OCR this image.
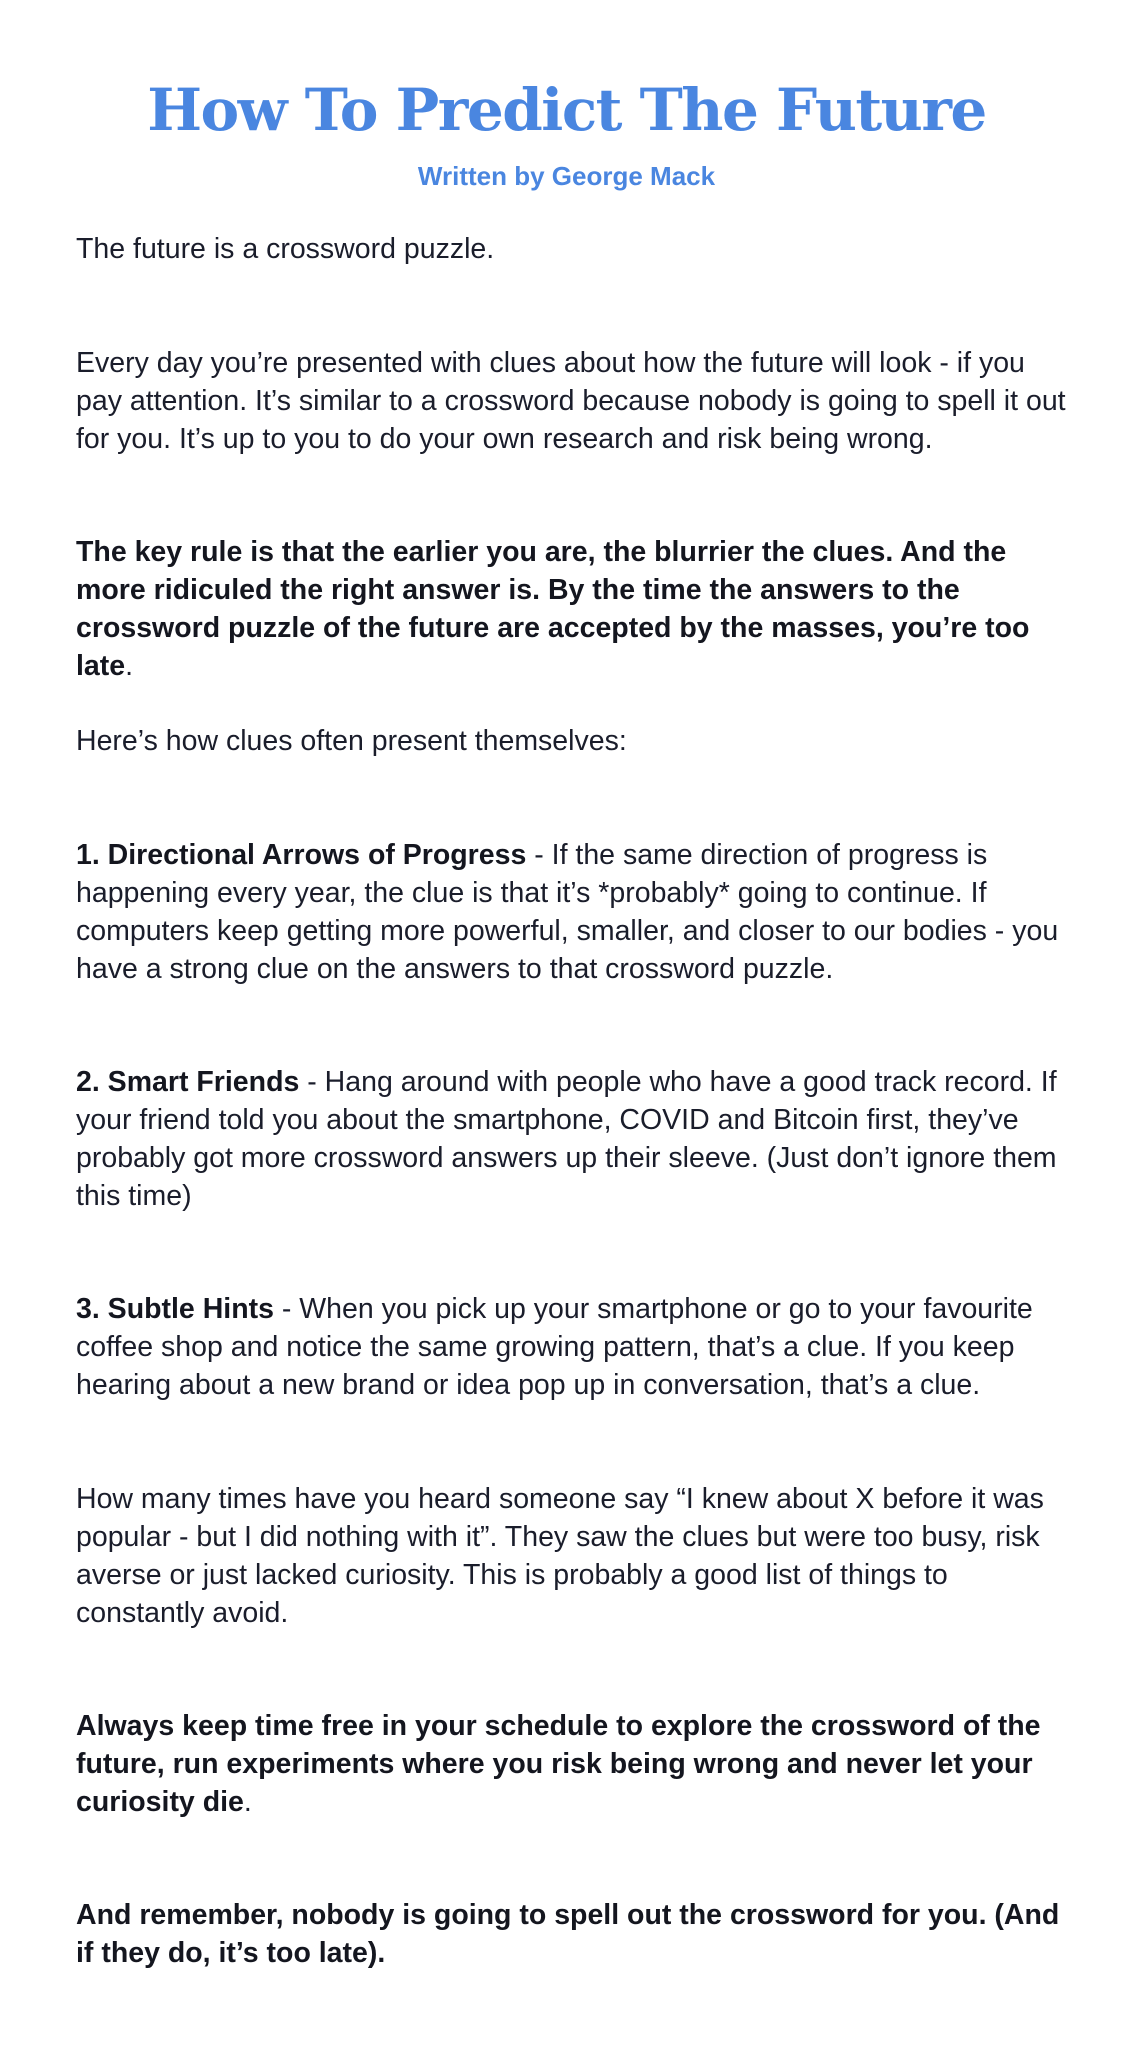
How To Predict The Future
Written by George Mack

The future is a crossword puzzle.

Every day you’re presented with clues about how the future will look - if you pay attention. It’s similar to a crossword because nobody is going to spell it out for you. It’s up to you to do your own research and risk being wrong.

The key rule is that the earlier you are, the blurrier the clues. And the more ridiculed the right answer is. By the time the answers to the crossword puzzle of the future are accepted by the masses, you’re too late.

Here’s how clues often present themselves:

1. Directional Arrows of Progress - If the same direction of progress is happening every year, the clue is that it’s *probably* going to continue. If computers keep getting more powerful, smaller, and closer to our bodies - you have a strong clue on the answers to that crossword puzzle.

2. Smart Friends - Hang around with people who have a good track record. If your friend told you about the smartphone, COVID and Bitcoin first, they’ve probably got more crossword answers up their sleeve. (Just don’t ignore them this time)

3. Subtle Hints - When you pick up your smartphone or go to your favourite coffee shop and notice the same growing pattern, that’s a clue. If you keep hearing about a new brand or idea pop up in conversation, that’s a clue.

How many times have you heard someone say “I knew about X before it was popular - but I did nothing with it”. They saw the clues but were too busy, risk averse or just lacked curiosity. This is probably a good list of things to constantly avoid.

Always keep time free in your schedule to explore the crossword of the future, run experiments where you risk being wrong and never let your curiosity die.

And remember, nobody is going to spell out the crossword for you. (And if they do, it’s too late).
